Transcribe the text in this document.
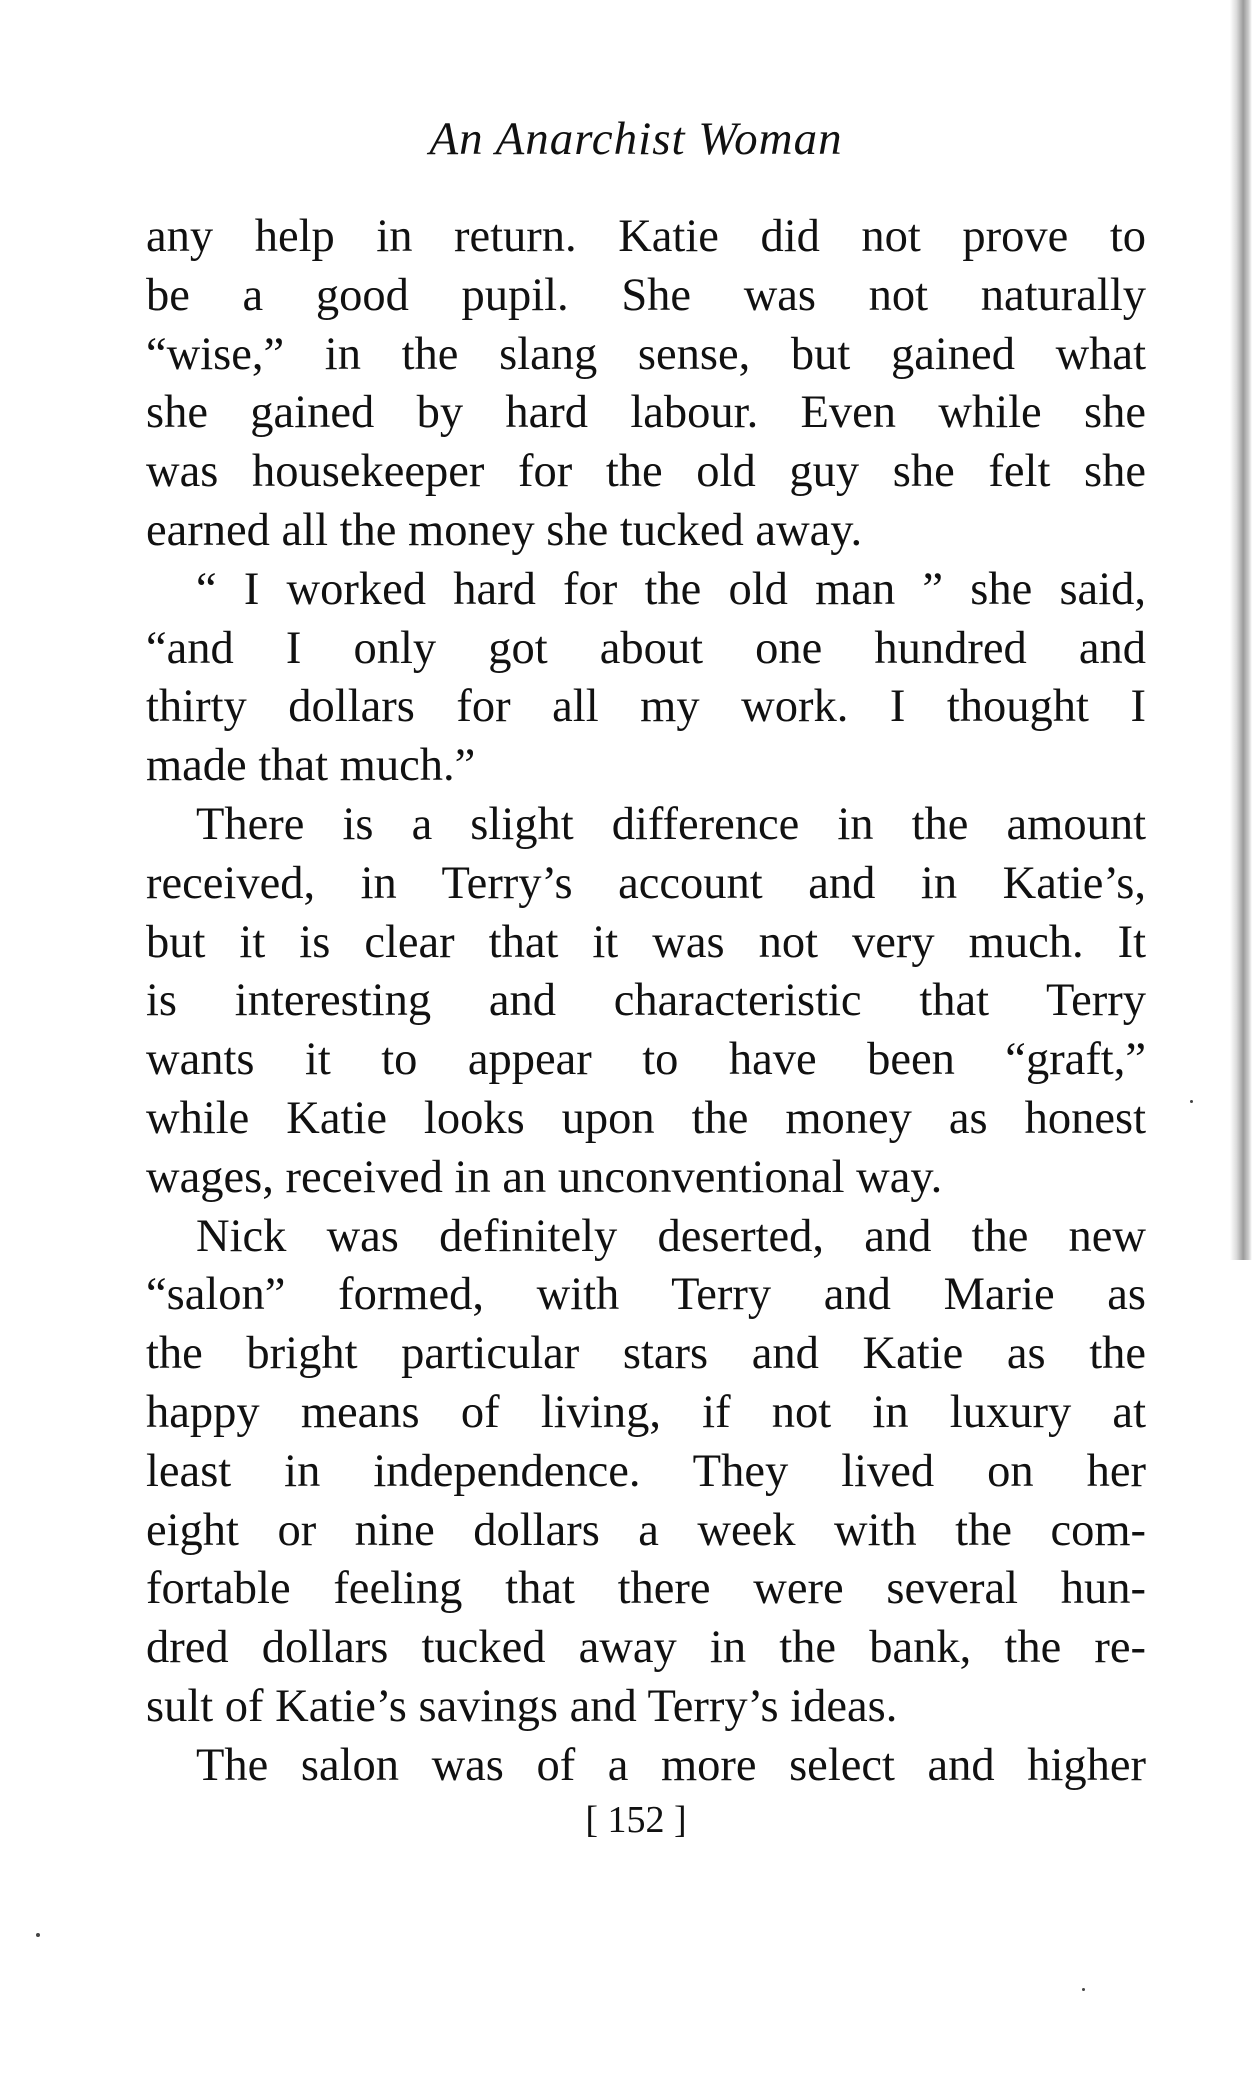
An Anarchist Woman
any help in return. Katie did not prove to
be a good pupil. She was not naturally
“wise,” in the slang sense, but gained what
she gained by hard labour. Even while she
was housekeeper for the old guy she felt she
earned all the money she tucked away.
“ I worked hard for the old man ” she said,
“and I only got about one hundred and
thirty dollars for all my work. I thought I
made that much.”
There is a slight difference in the amount
received, in Terry’s account and in Katie’s,
but it is clear that it was not very much. It
is interesting and characteristic that Terry
wants it to appear to have been “graft,”
while Katie looks upon the money as honest
wages, received in an unconventional way.
Nick was definitely deserted, and the new
“salon” formed, with Terry and Marie as
the bright particular stars and Katie as the
happy means of living, if not in luxury at
least in independence. They lived on her
eight or nine dollars a week with the com-
fortable feeling that there were several hun-
dred dollars tucked away in the bank, the re-
sult of Katie’s savings and Terry’s ideas.
The salon was of a more select and higher
[ 152 ]
